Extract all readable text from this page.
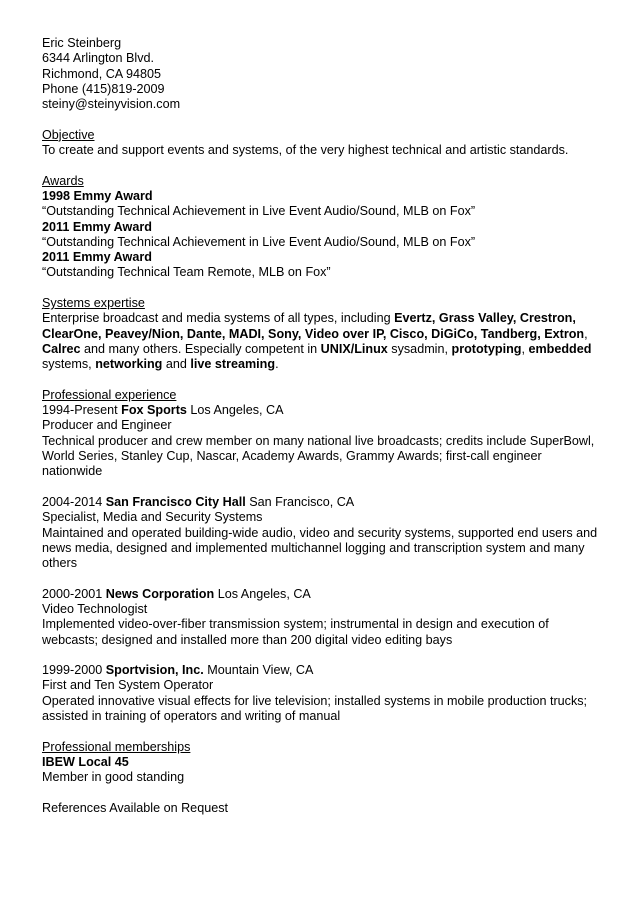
Eric Steinberg
6344 Arlington Blvd.
Richmond, CA 94805
Phone (415)819-2009
steiny@steinyvision.com
Objective
To create and support events and systems, of the very highest technical and artistic standards.
Awards
1998 Emmy Award
“Outstanding Technical Achievement in Live Event Audio/Sound, MLB on Fox”
2011 Emmy Award
“Outstanding Technical Achievement in Live Event Audio/Sound, MLB on Fox”
2011 Emmy Award
“Outstanding Technical Team Remote, MLB on Fox”
Systems expertise
Enterprise broadcast and media systems of all types, including Evertz, Grass Valley, Crestron, ClearOne, Peavey/Nion, Dante, MADI, Sony, Video over IP, Cisco, DiGiCo, Tandberg, Extron, Calrec and many others. Especially competent in UNIX/Linux sysadmin, prototyping, embedded systems, networking and live streaming.
Professional experience
1994-Present Fox Sports Los Angeles, CA
Producer and Engineer
Technical producer and crew member on many national live broadcasts; credits include SuperBowl, World Series, Stanley Cup, Nascar, Academy Awards, Grammy Awards; first-call engineer nationwide
2004-2014 San Francisco City Hall San Francisco, CA
Specialist, Media and Security Systems
Maintained and operated building-wide audio, video and security systems, supported end users and news media, designed and implemented multichannel logging and transcription system and many others
2000-2001 News Corporation Los Angeles, CA
Video Technologist
Implemented video-over-fiber transmission system; instrumental in design and execution of webcasts; designed and installed more than 200 digital video editing bays
1999-2000 Sportvision, Inc. Mountain View, CA
First and Ten System Operator
Operated innovative visual effects for live television; installed systems in mobile production trucks; assisted in training of operators and writing of manual
Professional memberships
IBEW Local 45
Member in good standing
References Available on Request
